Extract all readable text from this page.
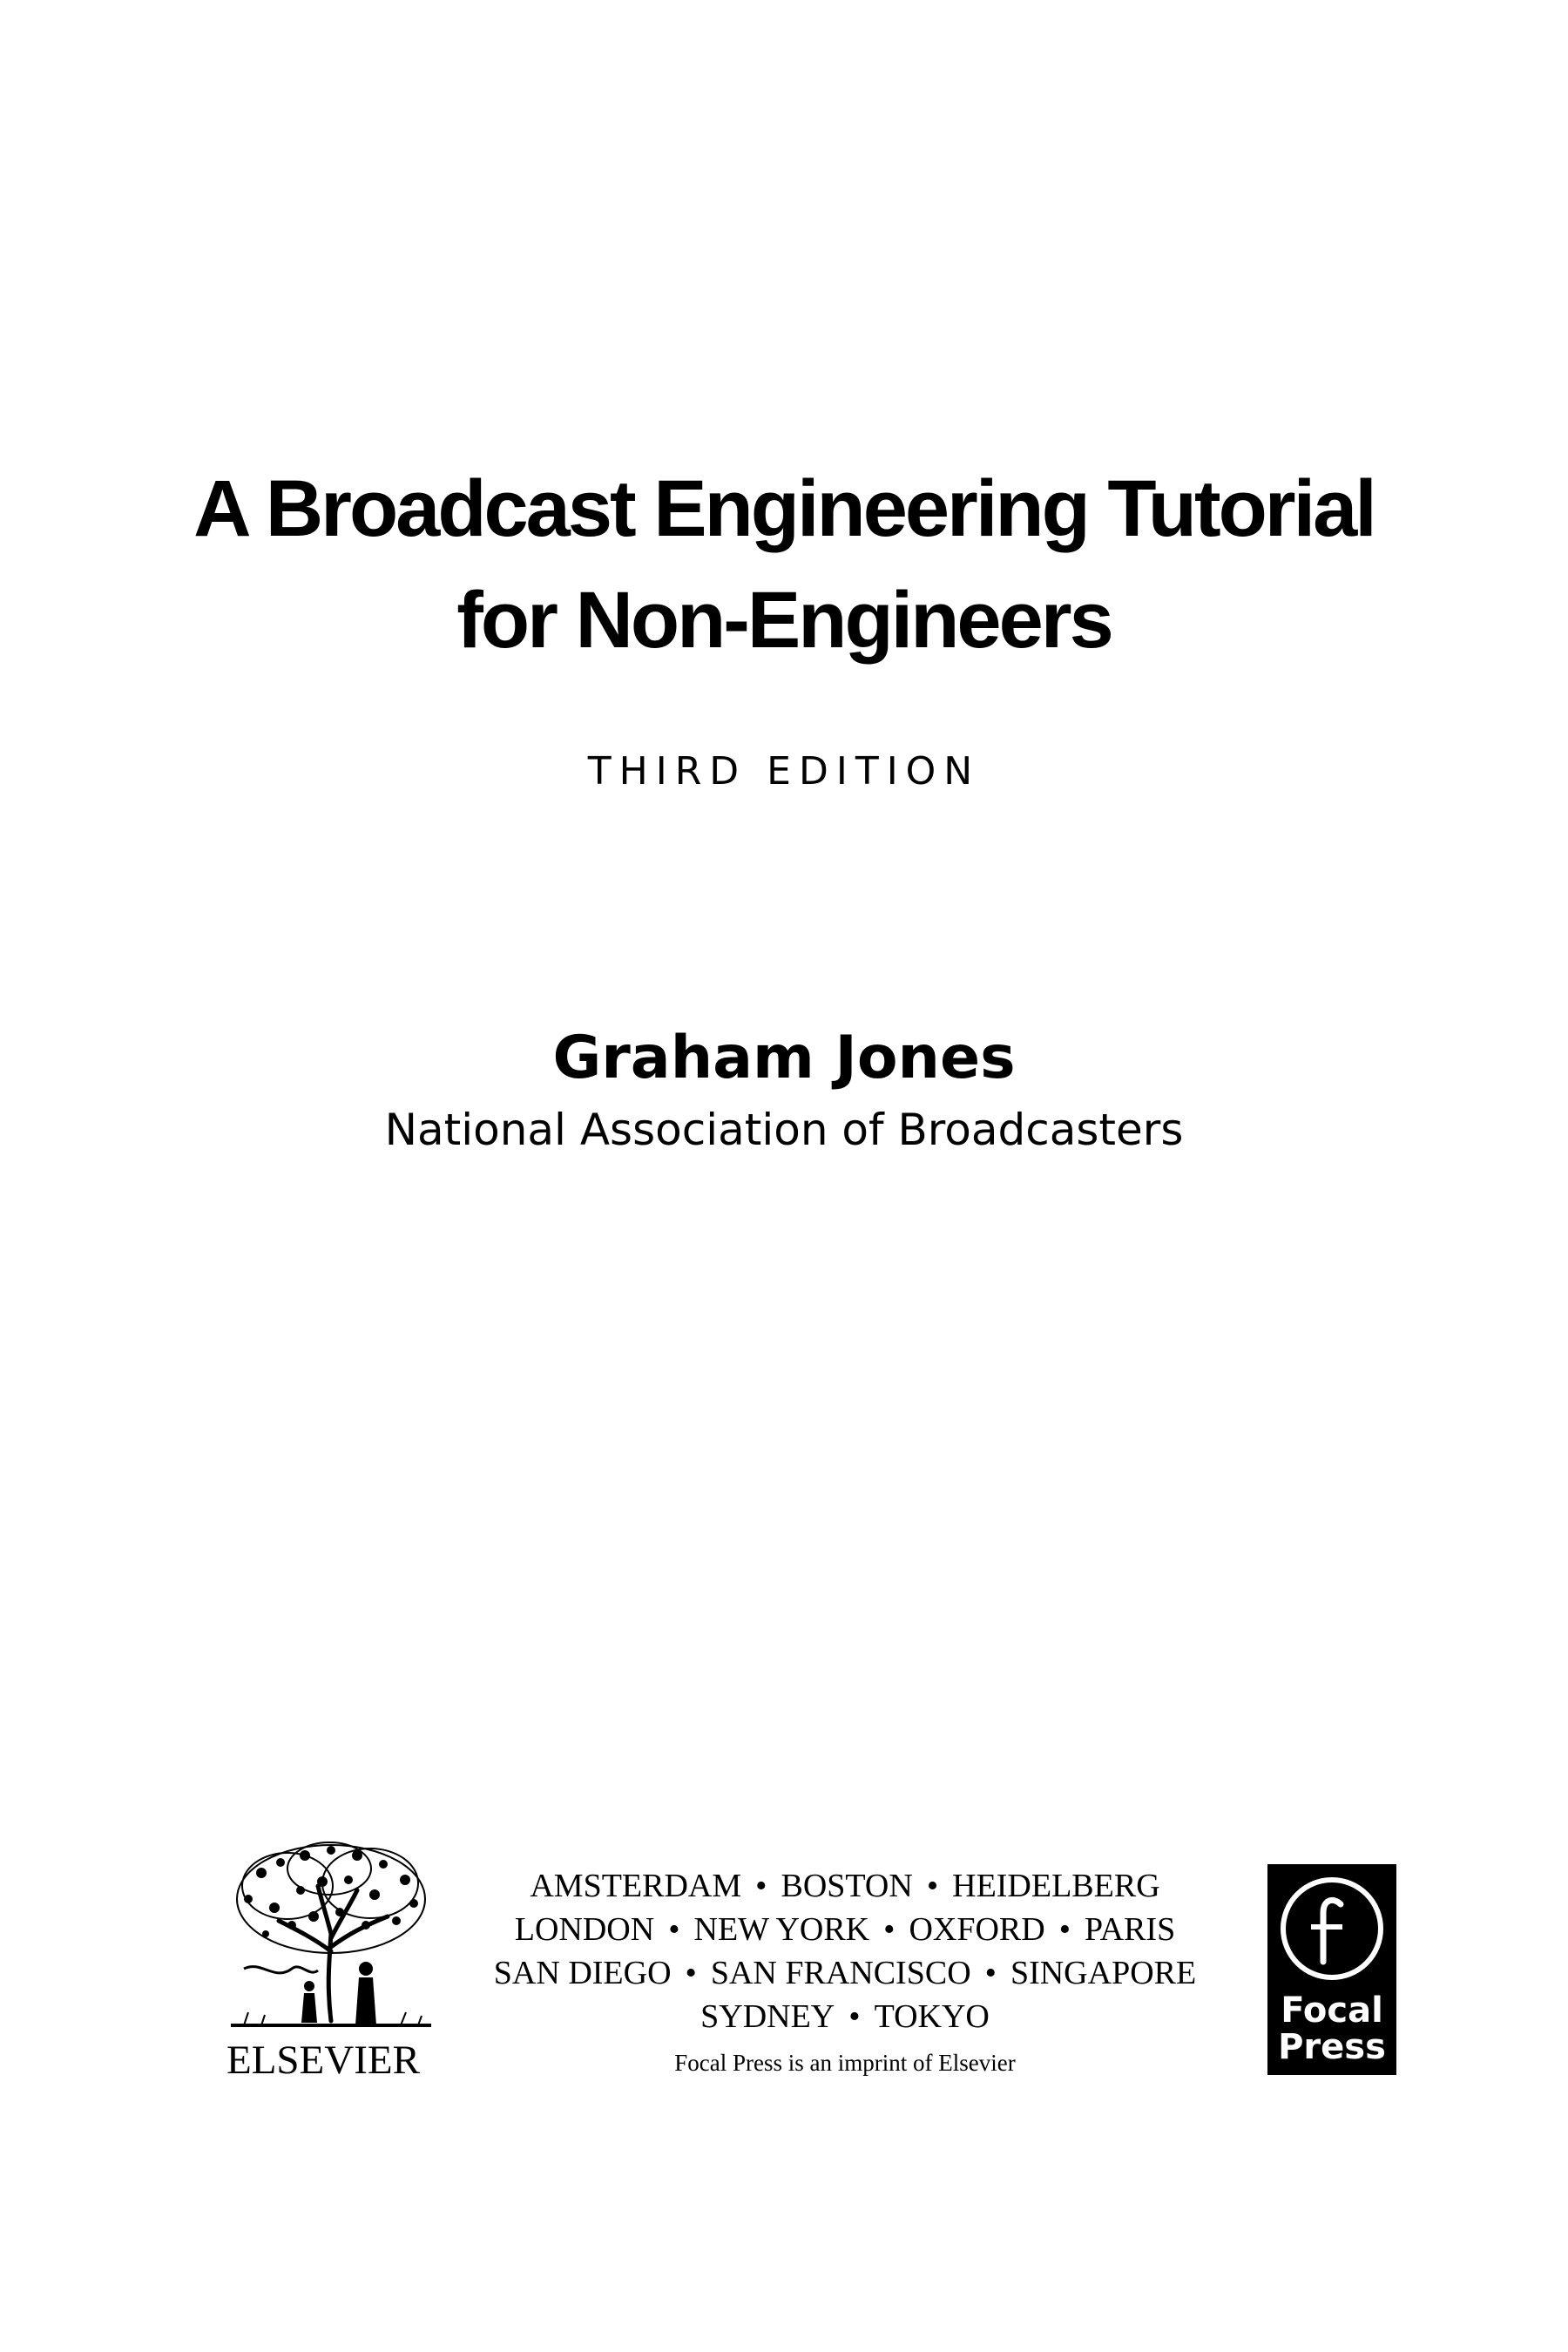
A Broadcast Engineering Tutorial
for Non-Engineers
THIRD EDITION
Graham Jones
National Association of Broadcasters
ELSEVIER
AMSTERDAM • BOSTON • HEIDELBERG
LONDON • NEW YORK • OXFORD • PARIS
SAN DIEGO • SAN FRANCISCO • SINGAPORE
SYDNEY • TOKYO
Focal Press is an imprint of Elsevier
Focal
Press
